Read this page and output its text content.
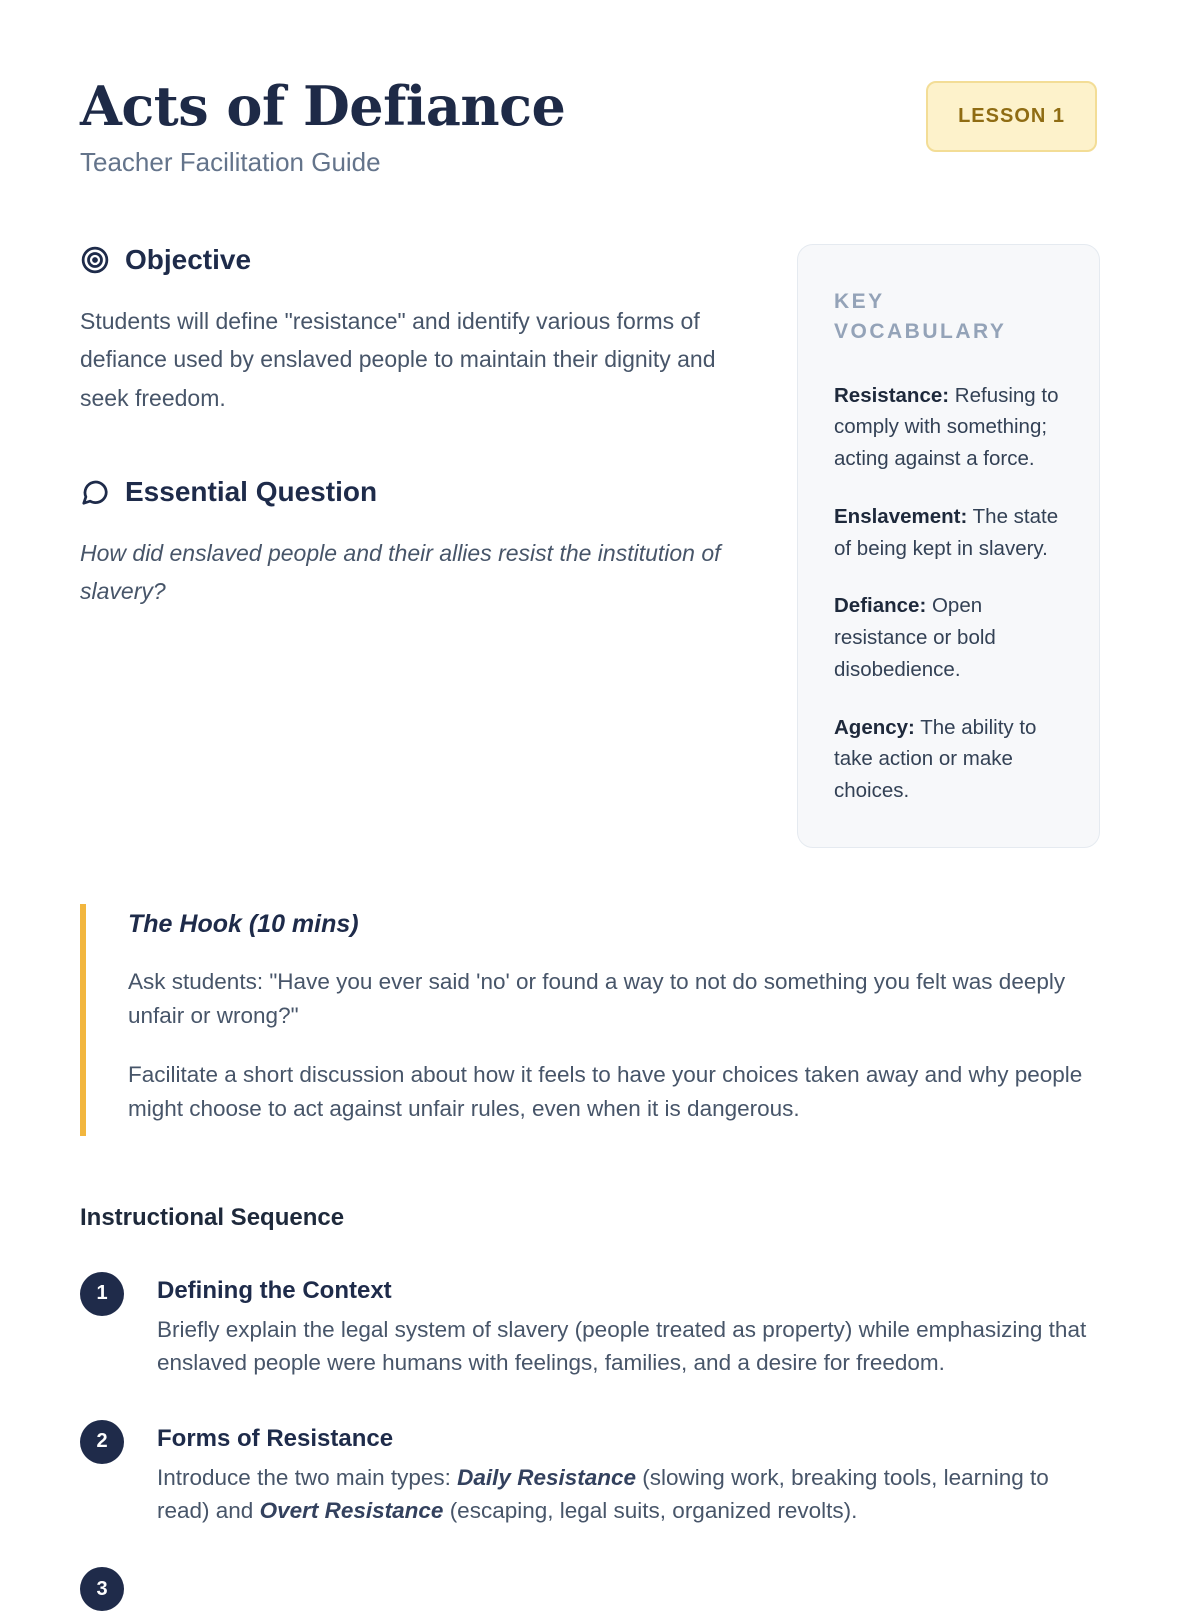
Acts of Defiance

Teacher Facilitation Guide

LESSON 1
Objective

Students will define "resistance" and identify various forms of defiance used by enslaved people to maintain their dignity and seek freedom.

Essential Question

How did enslaved people and their allies resist the institution of slavery?

KEY VOCABULARY

Resistance: Refusing to comply with something; acting against a force.

Enslavement: The state of being kept in slavery.

Defiance: Open resistance or bold disobedience.

Agency: The ability to take action or make choices.

The Hook (10 mins)

Ask students: "Have you ever said 'no' or found a way to not do something you felt was deeply unfair or wrong?"

Facilitate a short discussion about how it feels to have your choices taken away and why people might choose to act against unfair rules, even when it is dangerous.

Instructional Sequence
1	Defining the Context

Briefly explain the legal system of slavery (people treated as property) while emphasizing that enslaved people were humans with feelings, families, and a desire for freedom.

2	Forms of Resistance

Introduce the two main types: Daily Resistance (slowing work, breaking tools, learning to read) and Overt Resistance (escaping, legal suits, organized revolts).

3
